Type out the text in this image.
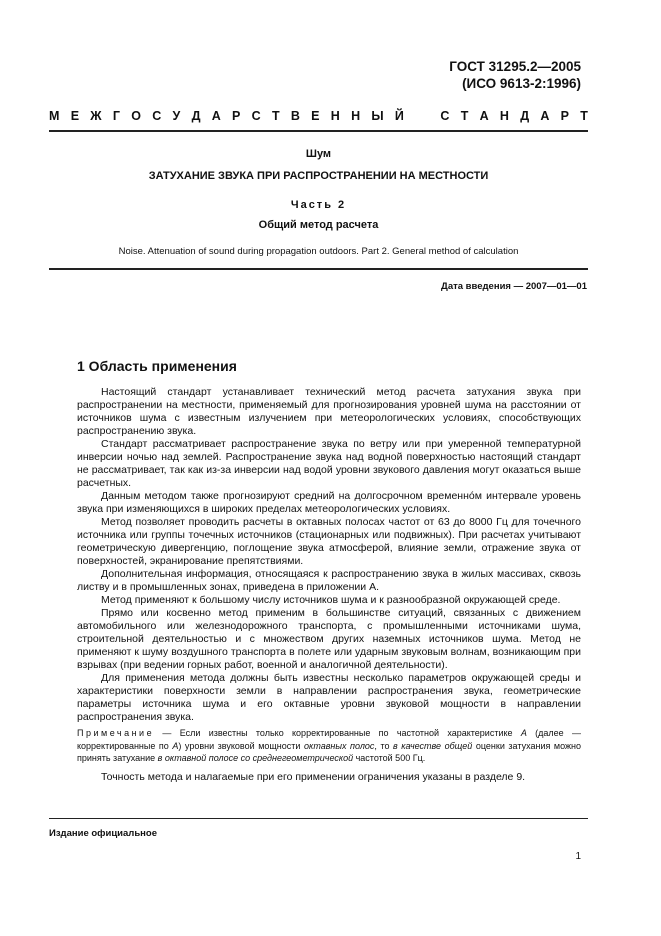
ГОСТ 31295.2—2005
(ИСО 9613-2:1996)
М Е Ж Г О С У Д А Р С Т В Е Н Н Ы Й	С Т А Н Д А Р Т
Шум
ЗАТУХАНИЕ ЗВУКА ПРИ РАСПРОСТРАНЕНИИ НА МЕСТНОСТИ
Часть 2
Общий метод расчета
Noise. Attenuation of sound during propagation outdoors. Part 2. General method of calculation
Дата введения — 2007—01—01
1 Область применения

Настоящий стандарт устанавливает технический метод расчета затухания звука при распространении на местности, применяемый для прогнозирования уровней шума на расстоянии от источников шума с известным излучением при метеорологических условиях, способствующих распространению звука.

Стандарт рассматривает распространение звука по ветру или при умеренной температурной инверсии ночью над землей. Распространение звука над водной поверхностью настоящий стандарт не рассматривает, так как из-за инверсии над водой уровни звукового давления могут оказаться выше расчетных.

Данным методом также прогнозируют средний на долгосрочном временно́м интервале уровень звука при изменяющихся в широких пределах метеорологических условиях.

Метод позволяет проводить расчеты в октавных полосах частот от 63 до 8000 Гц для точечного источника или группы точечных источников (стационарных или подвижных). При расчетах учитывают геометрическую дивергенцию, поглощение звука атмосферой, влияние земли, отражение звука от поверхностей, экранирование препятствиями.

Дополнительная информация, относящаяся к распространению звука в жилых массивах, сквозь листву и в промышленных зонах, приведена в приложении А.

Метод применяют к большому числу источников шума и к разнообразной окружающей среде.

Прямо или косвенно метод применим в большинстве ситуаций, связанных с движением автомобильного или железнодорожного транспорта, с промышленными источниками шума, строительной деятельностью и с множеством других наземных источников шума. Метод не применяют к шуму воздушного транспорта в полете или ударным звуковым волнам, возникающим при взрывах (при ведении горных работ, военной и аналогичной деятельности).

Для применения метода должны быть известны несколько параметров окружающей среды и характеристики поверхности земли в направлении распространения звука, геометрические параметры источника шума и его октавные уровни звуковой мощности в направлении распространения звука.

Примечание — Если известны только корректированные по частотной характеристике А (далее — корректированные по А) уровни звуковой мощности октавных полос, то в качестве общей оценки затухания можно принять затухание в октавной полосе со среднегеометрической частотой 500 Гц.

Точность метода и налагаемые при его применении ограничения указаны в разделе 9.

Издание официальное
1
